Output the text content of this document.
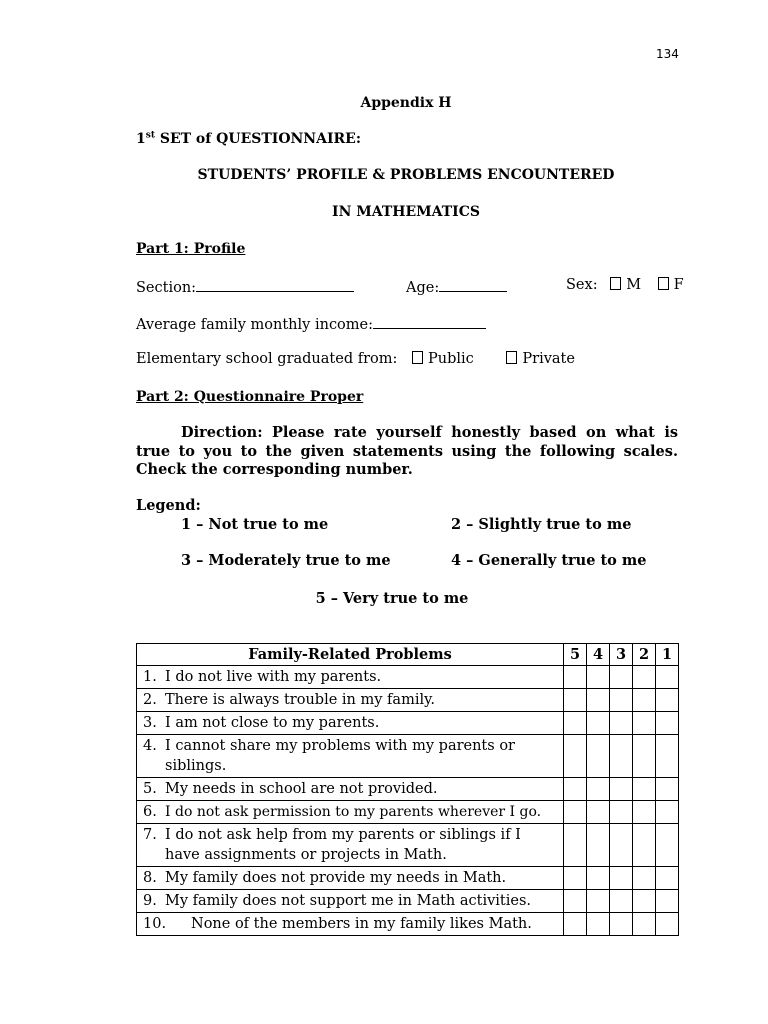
134
Appendix H
1st SET of QUESTIONNAIRE:
STUDENTS’ PROFILE & PROBLEMS ENCOUNTERED
IN MATHEMATICS
Part 1: Profile
Section:	Age:	Sex: M F
Average family monthly income:
Elementary school graduated from: Public	Private
Part 2: Questionnaire Proper
Direction: Please rate yourself honestly based on what is true to you to the given statements using the following scales. Check the corresponding number.
Legend:
1 – Not true to me	2 – Slightly true to me
3 – Moderately true to me	4 – Generally true to me
5 – Very true to me
Family-Related Problems	5	4	3	2	1

1. I do not live with my parents.					

2. There is always trouble in my family.					

3. I am not close to my parents.					

4. I cannot share my problems with my parents or siblings.					

5. My needs in school are not provided.					

6. I do not ask permission to my parents wherever I go.					

7. I do not ask help from my parents or siblings if I have assignments or projects in Math.					

8. My family does not provide my needs in Math.					

9. My family does not support me in Math activities.					

10. None of the members in my family likes Math.					
